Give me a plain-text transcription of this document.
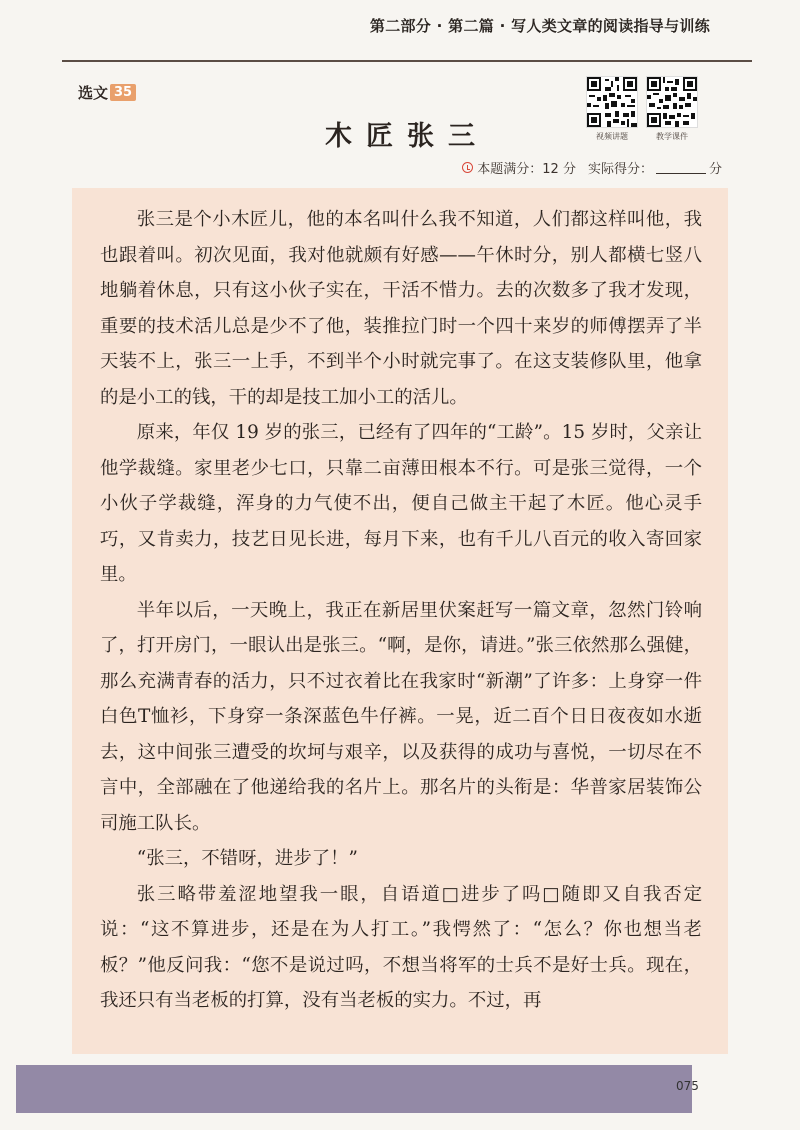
第二部分 · 第二篇 · 写人类文章的阅读指导与训练
选文 35
木匠张三	视频讲题	教学课件
本题满分：12 分 实际得分：	分

张三是个小木匠儿，他的本名叫什么我不知道，人们都这样叫他，我也跟着叫。初次见面，我对他就颇有好感——午休时分，别人都横七竖八地躺着休息，只有这小伙子实在，干活不惜力。去的次数多了我才发现，重要的技术活儿总是少不了他，装推拉门时一个四十来岁的师傅摆弄了半天装不上，张三一上手，不到半个小时就完事了。在这支装修队里，他拿的是小工的钱，干的却是技工加小工的活儿。

原来，年仅 19 岁的张三，已经有了四年的“工龄”。15 岁时，父亲让他学裁缝。家里老少七口，只靠二亩薄田根本不行。可是张三觉得，一个小伙子学裁缝，浑身的力气使不出，便自己做主干起了木匠。他心灵手巧，又肯卖力，技艺日见长进，每月下来，也有千儿八百元的收入寄回家里。

半年以后，一天晚上，我正在新居里伏案赶写一篇文章，忽然门铃响了，打开房门，一眼认出是张三。“啊，是你，请进。”张三依然那么强健，那么充满青春的活力，只不过衣着比在我家时“新潮”了许多：上身穿一件白色T恤衫，下身穿一条深蓝色牛仔裤。一晃，近二百个日日夜夜如水逝去，这中间张三遭受的坎坷与艰辛，以及获得的成功与喜悦，一切尽在不言中，全部融在了他递给我的名片上。那名片的头衔是：华普家居装饰公司施工队长。

“张三，不错呀，进步了！”

张三略带羞涩地望我一眼，自语道□进步了吗□随即又自我否定说：“这不算进步，还是在为人打工。”我愕然了：“怎么？你也想当老板？”他反问我：“您不是说过吗，不想当将军的士兵不是好士兵。现在，我还只有当老板的打算，没有当老板的实力。不过，再

075
